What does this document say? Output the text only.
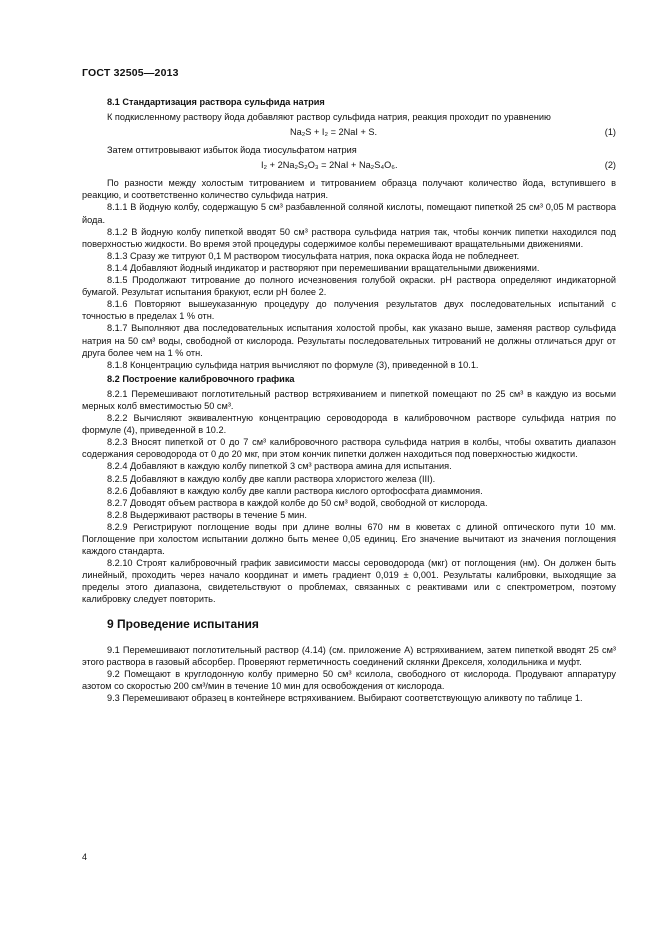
ГОСТ 32505—2013
8.1 Стандартизация раствора сульфида натрия

К подкисленному раствору йода добавляют раствор сульфида натрия, реакция проходит по уравнению

Na₂S + I₂ = 2NaI + S.	(1)

Затем оттитровывают избыток йода тиосульфатом натрия

I₂ + 2Na₂S₂O₃ = 2NaI + Na₂S₄O₆.	(2)

По разности между холостым титрованием и титрованием образца получают количество йода, вступившего в реакцию, и соответственно количество сульфида натрия.

8.1.1 В йодную колбу, содержащую 5 см³ разбавленной соляной кислоты, помещают пипеткой 25 см³ 0,05 М раствора йода.

8.1.2 В йодную колбу пипеткой вводят 50 см³ раствора сульфида натрия так, чтобы кончик пипетки находился под поверхностью жидкости. Во время этой процедуры содержимое колбы перемешивают вращательными движениями.

8.1.3 Сразу же титруют 0,1 М раствором тиосульфата натрия, пока окраска йода не побледнеет.

8.1.4 Добавляют йодный индикатор и растворяют при перемешивании вращательными движениями.

8.1.5 Продолжают титрование до полного исчезновения голубой окраски. pH раствора определяют индикаторной бумагой. Результат испытания бракуют, если pH более 2.

8.1.6 Повторяют вышеуказанную процедуру до получения результатов двух последовательных испытаний с точностью в пределах 1 % отн.

8.1.7 Выполняют два последовательных испытания холостой пробы, как указано выше, заменяя раствор сульфида натрия на 50 см³ воды, свободной от кислорода. Результаты последовательных титрований не должны отличаться друг от друга более чем на 1 % отн.

8.1.8 Концентрацию сульфида натрия вычисляют по формуле (3), приведенной в 10.1.

8.2 Построение калибровочного графика

8.2.1 Перемешивают поглотительный раствор встряхиванием и пипеткой помещают по 25 см³ в каждую из восьми мерных колб вместимостью 50 см³.

8.2.2 Вычисляют эквивалентную концентрацию сероводорода в калибровочном растворе сульфида натрия по формуле (4), приведенной в 10.2.

8.2.3 Вносят пипеткой от 0 до 7 см³ калибровочного раствора сульфида натрия в колбы, чтобы охватить диапазон содержания сероводорода от 0 до 20 мкг, при этом кончик пипетки должен находиться под поверхностью жидкости.

8.2.4 Добавляют в каждую колбу пипеткой 3 см³ раствора амина для испытания.

8.2.5 Добавляют в каждую колбу две капли раствора хлористого железа (III).

8.2.6 Добавляют в каждую колбу две капли раствора кислого ортофосфата диаммония.

8.2.7 Доводят объем раствора в каждой колбе до 50 см³ водой, свободной от кислорода.

8.2.8 Выдерживают растворы в течение 5 мин.

8.2.9 Регистрируют поглощение воды при длине волны 670 нм в кюветах с длиной оптического пути 10 мм. Поглощение при холостом испытании должно быть менее 0,05 единиц. Его значение вычитают из значения поглощения каждого стандарта.

8.2.10 Строят калибровочный график зависимости массы сероводорода (мкг) от поглощения (нм). Он должен быть линейный, проходить через начало координат и иметь градиент 0,019 ± 0,001. Результаты калибровки, выходящие за пределы этого диапазона, свидетельствуют о проблемах, связанных с реактивами или с спектрометром, поэтому калибровку следует повторить.

9 Проведение испытания

9.1 Перемешивают поглотительный раствор (4.14) (см. приложение А) встряхиванием, затем пипеткой вводят 25 см³ этого раствора в газовый абсорбер. Проверяют герметичность соединений склянки Дрекселя, холодильника и муфт.

9.2 Помещают в круглодонную колбу примерно 50 см³ ксилола, свободного от кислорода. Продувают аппаратуру азотом со скоростью 200 см³/мин в течение 10 мин для освобождения от кислорода.

9.3 Перемешивают образец в контейнере встряхиванием. Выбирают соответствующую аликвоту по таблице 1.

4
